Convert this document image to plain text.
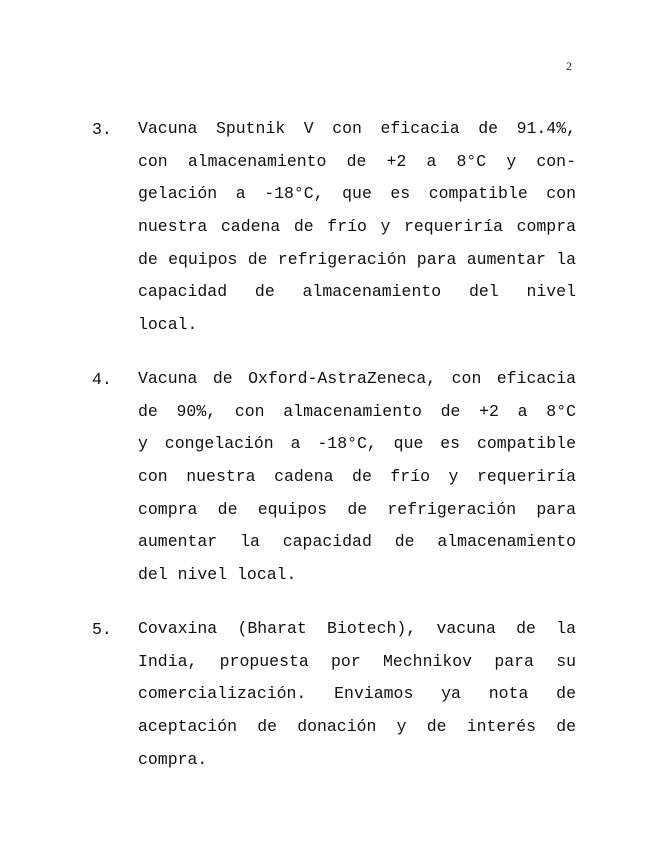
2
3. Vacuna Sputnik V con eficacia de 91.4%,
con almacenamiento de +2 a 8°C y con-
gelación a -18°C, que es compatible con
nuestra cadena de frío y requeriría compra
de equipos de refrigeración para aumentar la
capacidad de almacenamiento del nivel
local.
4. Vacuna de Oxford-AstraZeneca, con eficacia
de 90%, con almacenamiento de +2 a 8°C
y congelación a -18°C, que es compatible
con nuestra cadena de frío y requeriría
compra de equipos de refrigeración para
aumentar la capacidad de almacenamiento
del nivel local.
5. Covaxina (Bharat Biotech), vacuna de la
India, propuesta por Mechnikov para su
comercialización. Enviamos ya nota de
aceptación de donación y de interés de
compra.
